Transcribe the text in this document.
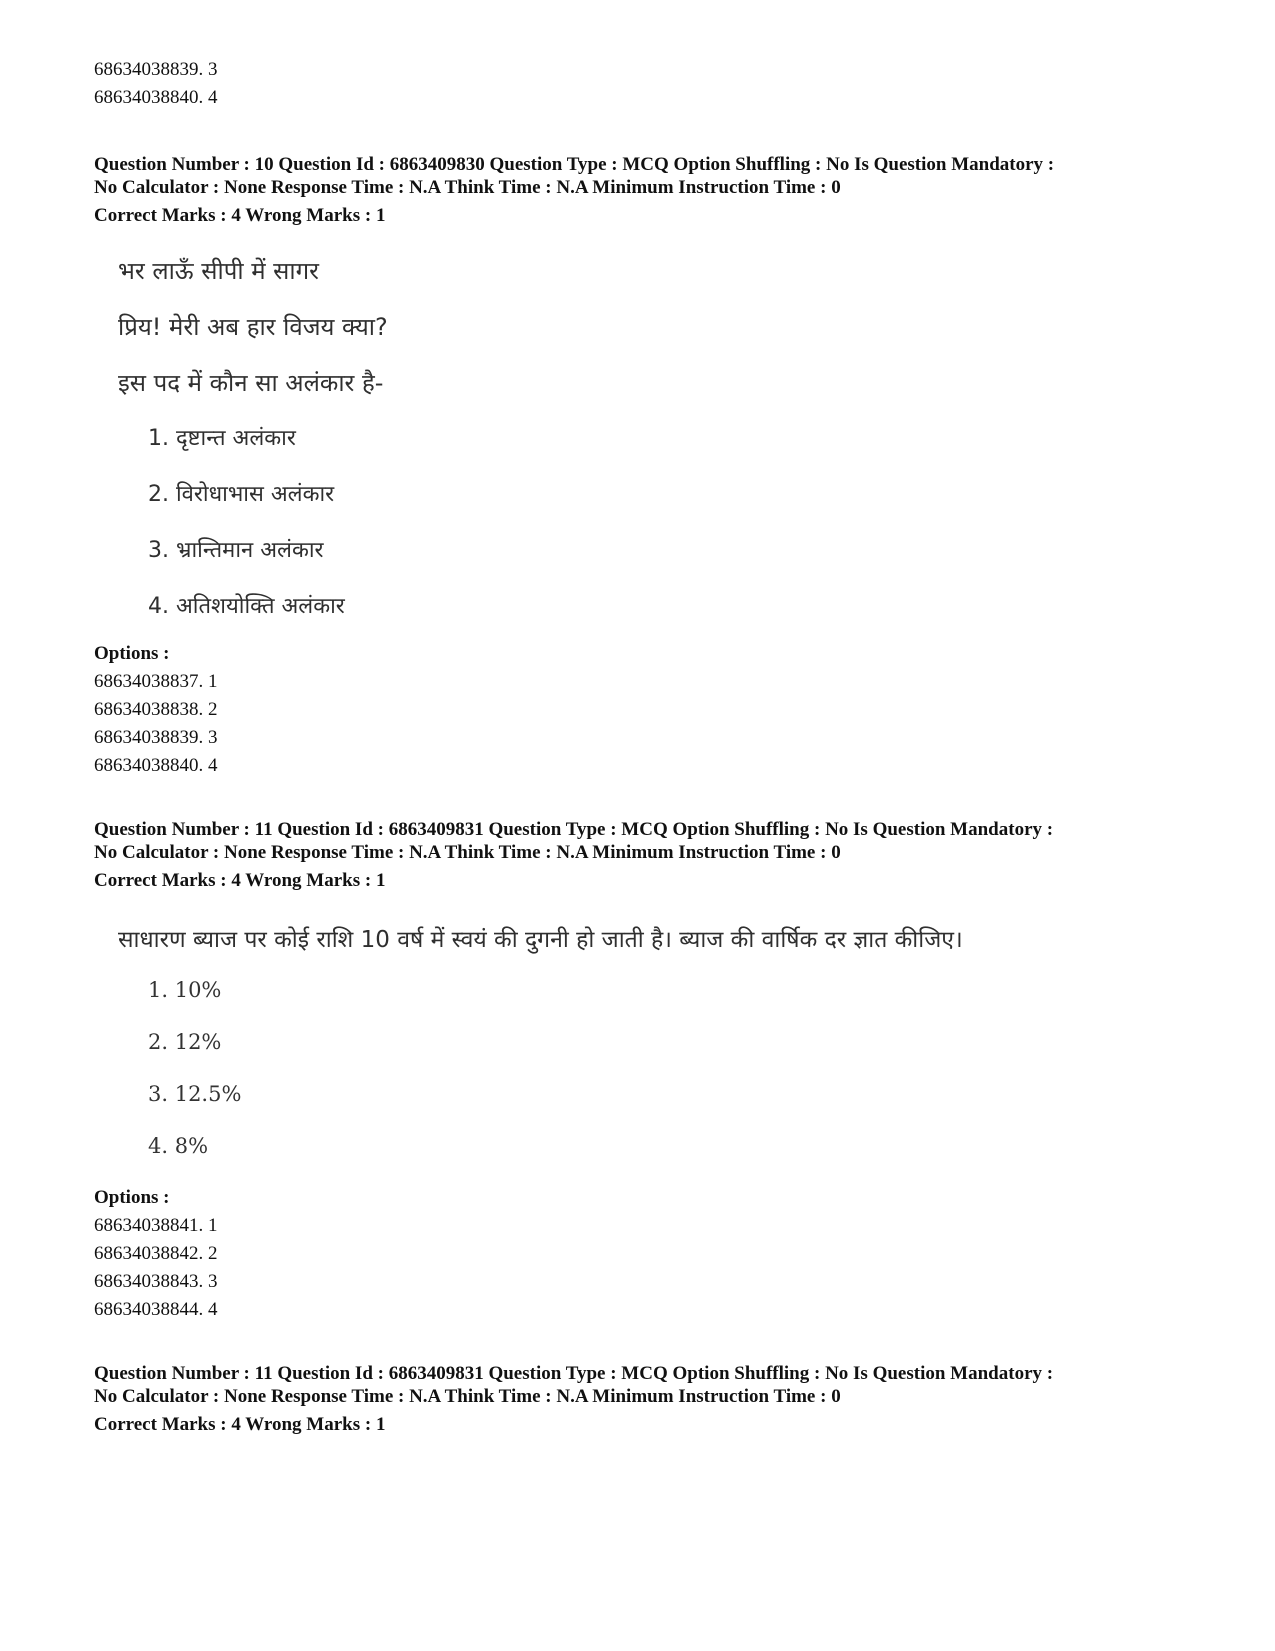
68634038839. 3
68634038840. 4
Question Number : 10 Question Id : 6863409830 Question Type : MCQ Option Shuffling : No Is Question Mandatory :
No Calculator : None Response Time : N.A Think Time : N.A Minimum Instruction Time : 0
Correct Marks : 4 Wrong Marks : 1
भर लाऊँ सीपी में सागर
प्रिय! मेरी अब हार विजय क्या?
इस पद में कौन सा अलंकार है-
1. दृष्टान्त अलंकार
2. विरोधाभास अलंकार
3. भ्रान्तिमान अलंकार
4. अतिशयोक्ति अलंकार
Options :
68634038837. 1
68634038838. 2
68634038839. 3
68634038840. 4
Question Number : 11 Question Id : 6863409831 Question Type : MCQ Option Shuffling : No Is Question Mandatory :
No Calculator : None Response Time : N.A Think Time : N.A Minimum Instruction Time : 0
Correct Marks : 4 Wrong Marks : 1
साधारण ब्याज पर कोई राशि 10 वर्ष में स्वयं की दुगनी हो जाती है। ब्याज की वार्षिक दर ज्ञात कीजिए।
1. 10%
2. 12%
3. 12.5%
4. 8%
Options :
68634038841. 1
68634038842. 2
68634038843. 3
68634038844. 4
Question Number : 11 Question Id : 6863409831 Question Type : MCQ Option Shuffling : No Is Question Mandatory :
No Calculator : None Response Time : N.A Think Time : N.A Minimum Instruction Time : 0
Correct Marks : 4 Wrong Marks : 1
